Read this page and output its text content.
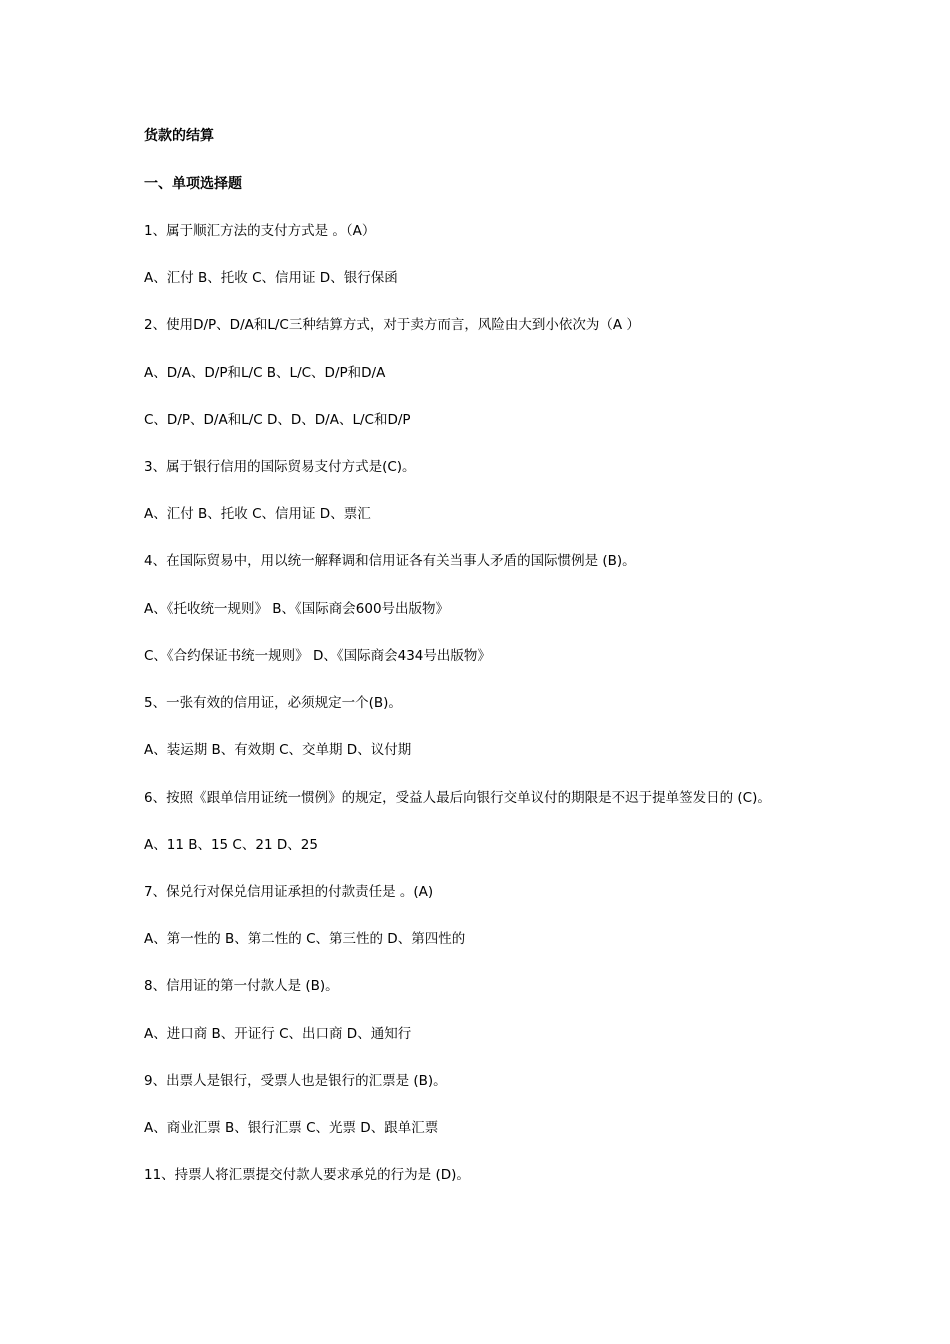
货款的结算
一、单项选择题
1、属于顺汇方法的支付方式是 。（A）
A、汇付 B、托收 C、信用证 D、银行保函
2、使用D/P、D/A和L/C三种结算方式，对于卖方而言，风险由大到小依次为（A ）
A、D/A、D/P和L/C B、L/C、D/P和D/A
C、D/P、D/A和L/C D、D、D/A、L/C和D/P
3、属于银行信用的国际贸易支付方式是(C)。
A、汇付 B、托收 C、信用证 D、票汇
4、在国际贸易中，用以统一解释调和信用证各有关当事人矛盾的国际惯例是 (B)。
A、《托收统一规则》 B、《国际商会600号出版物》
C、《合约保证书统一规则》 D、《国际商会434号出版物》
5、一张有效的信用证，必须规定一个(B)。
A、装运期 B、有效期 C、交单期 D、议付期
6、按照《跟单信用证统一惯例》的规定，受益人最后向银行交单议付的期限是不迟于提单签发日的 (C)。
A、11 B、15 C、21 D、25
7、保兑行对保兑信用证承担的付款责任是 。(A)
A、第一性的 B、第二性的 C、第三性的 D、第四性的
8、信用证的第一付款人是 (B)。
A、进口商 B、开证行 C、出口商 D、通知行
9、出票人是银行，受票人也是银行的汇票是 (B)。
A、商业汇票 B、银行汇票 C、光票 D、跟单汇票
11、持票人将汇票提交付款人要求承兑的行为是 (D)。
